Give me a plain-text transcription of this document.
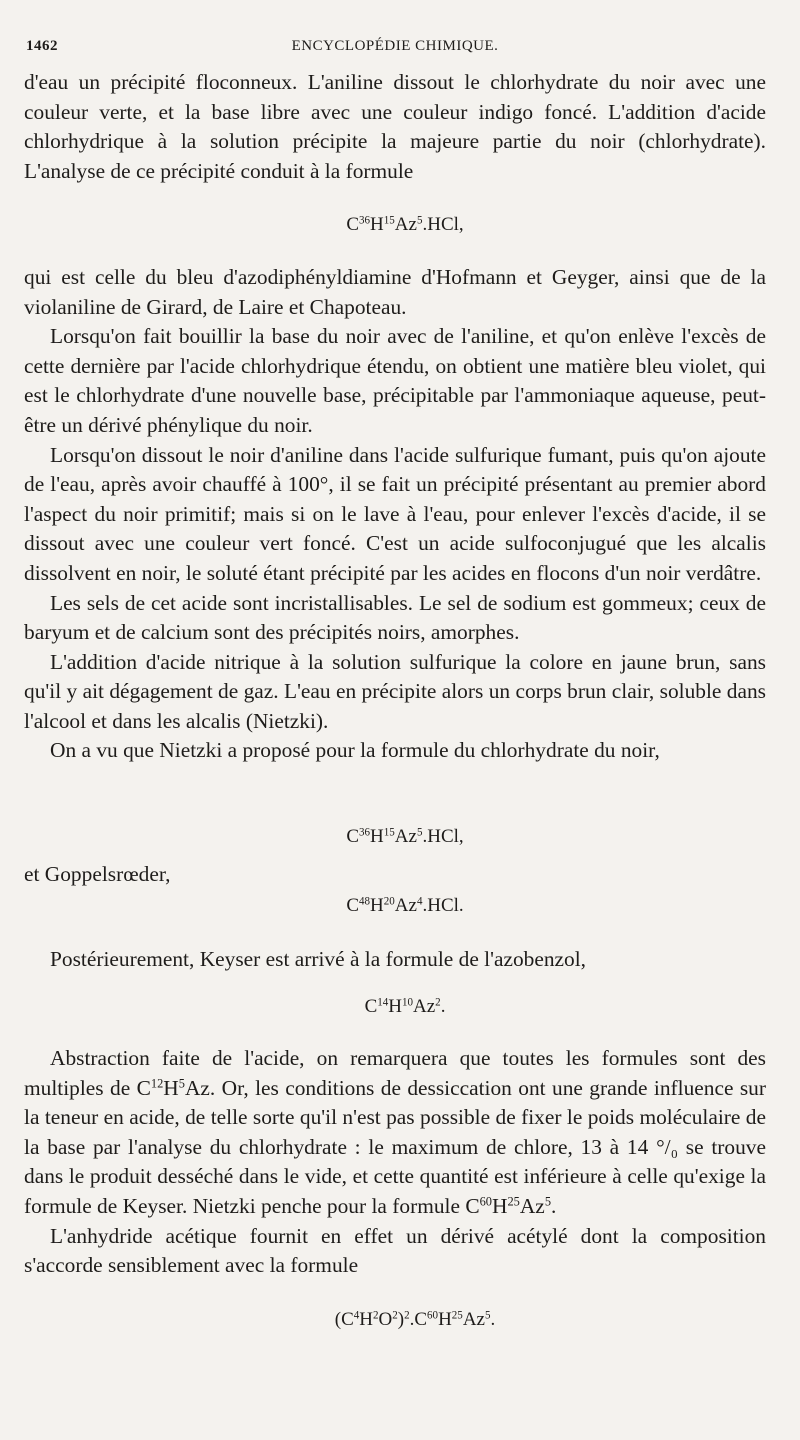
1462	ENCYCLOPÉDIE CHIMIQUE.

d'eau un précipité floconneux. L'aniline dissout le chlorhydrate du noir avec une couleur verte, et la base libre avec une couleur indigo foncé. L'addition d'acide chlorhydrique à la solution précipite la majeure partie du noir (chlorhydrate). L'analyse de ce précipité conduit à la formule

$C^{36}H^{15}Az^5.HCl$,

qui est celle du bleu d'azodiphényldiamine d'Hofmann et Geyger, ainsi que de la violaniline de Girard, de Laire et Chapoteau.

Lorsqu'on fait bouillir la base du noir avec de l'aniline, et qu'on enlève l'excès de cette dernière par l'acide chlorhydrique étendu, on obtient une matière bleu violet, qui est le chlorhydrate d'une nouvelle base, précipitable par l'ammoniaque aqueuse, peut-être un dérivé phénylique du noir.

Lorsqu'on dissout le noir d'aniline dans l'acide sulfurique fumant, puis qu'on ajoute de l'eau, après avoir chauffé à 100°, il se fait un précipité présentant au premier abord l'aspect du noir primitif; mais si on le lave à l'eau, pour enlever l'excès d'acide, il se dissout avec une couleur vert foncé. C'est un acide sulfoconjugué que les alcalis dissolvent en noir, le soluté étant précipité par les acides en flocons d'un noir verdâtre.

Les sels de cet acide sont incristallisables. Le sel de sodium est gommeux; ceux de baryum et de calcium sont des précipités noirs, amorphes.

L'addition d'acide nitrique à la solution sulfurique la colore en jaune brun, sans qu'il y ait dégagement de gaz. L'eau en précipite alors un corps brun clair, soluble dans l'alcool et dans les alcalis (Nietzki).

On a vu que Nietzki a proposé pour la formule du chlorhydrate du noir,

$C^{36}H^{15}Az^5.HCl$,

et Goppelsrœder,

$C^{48}H^{20}Az^4.HCl$.

Postérieurement, Keyser est arrivé à la formule de l'azobenzol,

$C^{14}H^{10}Az^2$.

Abstraction faite de l'acide, on remarquera que toutes les formules sont des multiples de $C^{12}H^5Az$. Or, les conditions de dessiccation ont une grande influence sur la teneur en acide, de telle sorte qu'il n'est pas possible de fixer le poids moléculaire de la base par l'analyse du chlorhydrate : le maximum de chlore, 13 à 14 °/₀ se trouve dans le produit desséché dans le vide, et cette quantité est inférieure à celle qu'exige la formule de Keyser. Nietzki penche pour la formule $C^{60}H^{25}Az^5$.

L'anhydride acétique fournit en effet un dérivé acétylé dont la composition s'accorde sensiblement avec la formule

$(C^4H^2O^2)^2.C^{60}H^{25}Az^5$.
